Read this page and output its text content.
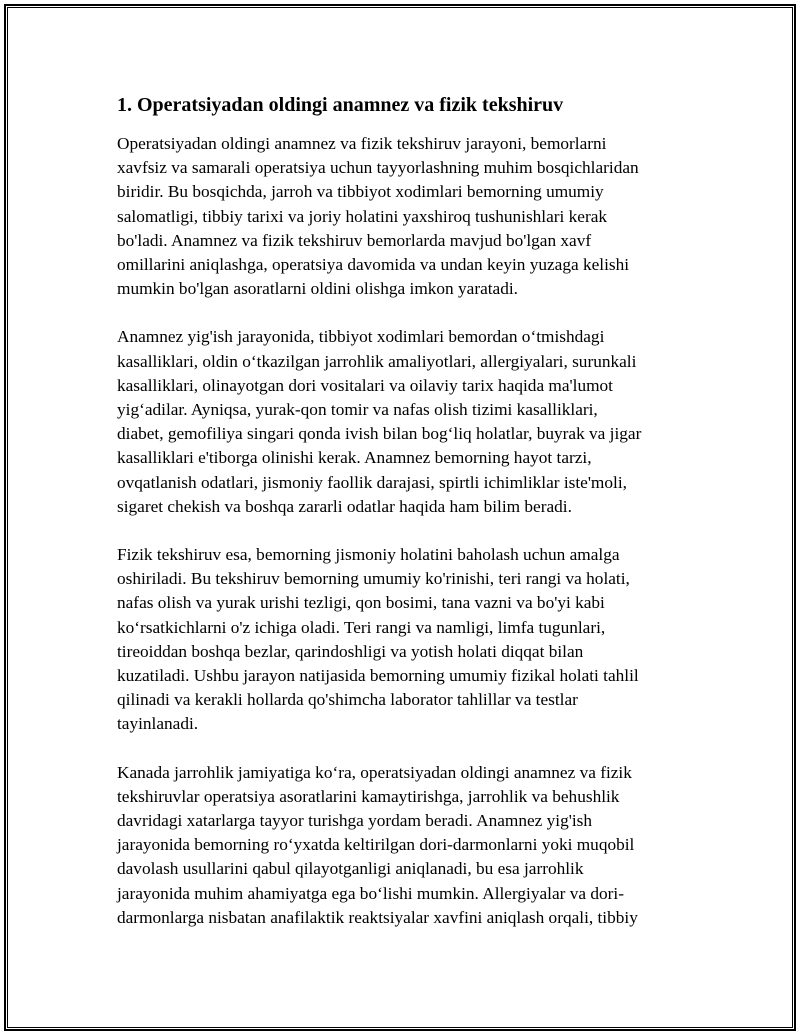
1. Operatsiyadan oldingi anamnez va fizik tekshiruv
Operatsiyadan oldingi anamnez va fizik tekshiruv jarayoni, bemorlarni
xavfsiz va samarali operatsiya uchun tayyorlashning muhim bosqichlaridan
biridir. Bu bosqichda, jarroh va tibbiyot xodimlari bemorning umumiy
salomatligi, tibbiy tarixi va joriy holatini yaxshiroq tushunishlari kerak
bo'ladi. Anamnez va fizik tekshiruv bemorlarda mavjud bo'lgan xavf
omillarini aniqlashga, operatsiya davomida va undan keyin yuzaga kelishi
mumkin bo'lgan asoratlarni oldini olishga imkon yaratadi.
Anamnez yig'ish jarayonida, tibbiyot xodimlari bemordan o‘tmishdagi
kasalliklari, oldin o‘tkazilgan jarrohlik amaliyotlari, allergiyalari, surunkali
kasalliklari, olinayotgan dori vositalari va oilaviy tarix haqida ma'lumot
yig‘adilar. Ayniqsa, yurak-qon tomir va nafas olish tizimi kasalliklari,
diabet, gemofiliya singari qonda ivish bilan bog‘liq holatlar, buyrak va jigar
kasalliklari e'tiborga olinishi kerak. Anamnez bemorning hayot tarzi,
ovqatlanish odatlari, jismoniy faollik darajasi, spirtli ichimliklar iste'moli,
sigaret chekish va boshqa zararli odatlar haqida ham bilim beradi.
Fizik tekshiruv esa, bemorning jismoniy holatini baholash uchun amalga
oshiriladi. Bu tekshiruv bemorning umumiy ko'rinishi, teri rangi va holati,
nafas olish va yurak urishi tezligi, qon bosimi, tana vazni va bo'yi kabi
ko‘rsatkichlarni o'z ichiga oladi. Teri rangi va namligi, limfa tugunlari,
tireoiddan boshqa bezlar, qarindoshligi va yotish holati diqqat bilan
kuzatiladi. Ushbu jarayon natijasida bemorning umumiy fizikal holati tahlil
qilinadi va kerakli hollarda qo'shimcha laborator tahlillar va testlar
tayinlanadi.
Kanada jarrohlik jamiyatiga ko‘ra, operatsiyadan oldingi anamnez va fizik
tekshiruvlar operatsiya asoratlarini kamaytirishga, jarrohlik va behushlik
davridagi xatarlarga tayyor turishga yordam beradi. Anamnez yig'ish
jarayonida bemorning ro‘yxatda keltirilgan dori-darmonlarni yoki muqobil
davolash usullarini qabul qilayotganligi aniqlanadi, bu esa jarrohlik
jarayonida muhim ahamiyatga ega bo‘lishi mumkin. Allergiyalar va dori-
darmonlarga nisbatan anafilaktik reaktsiyalar xavfini aniqlash orqali, tibbiy
